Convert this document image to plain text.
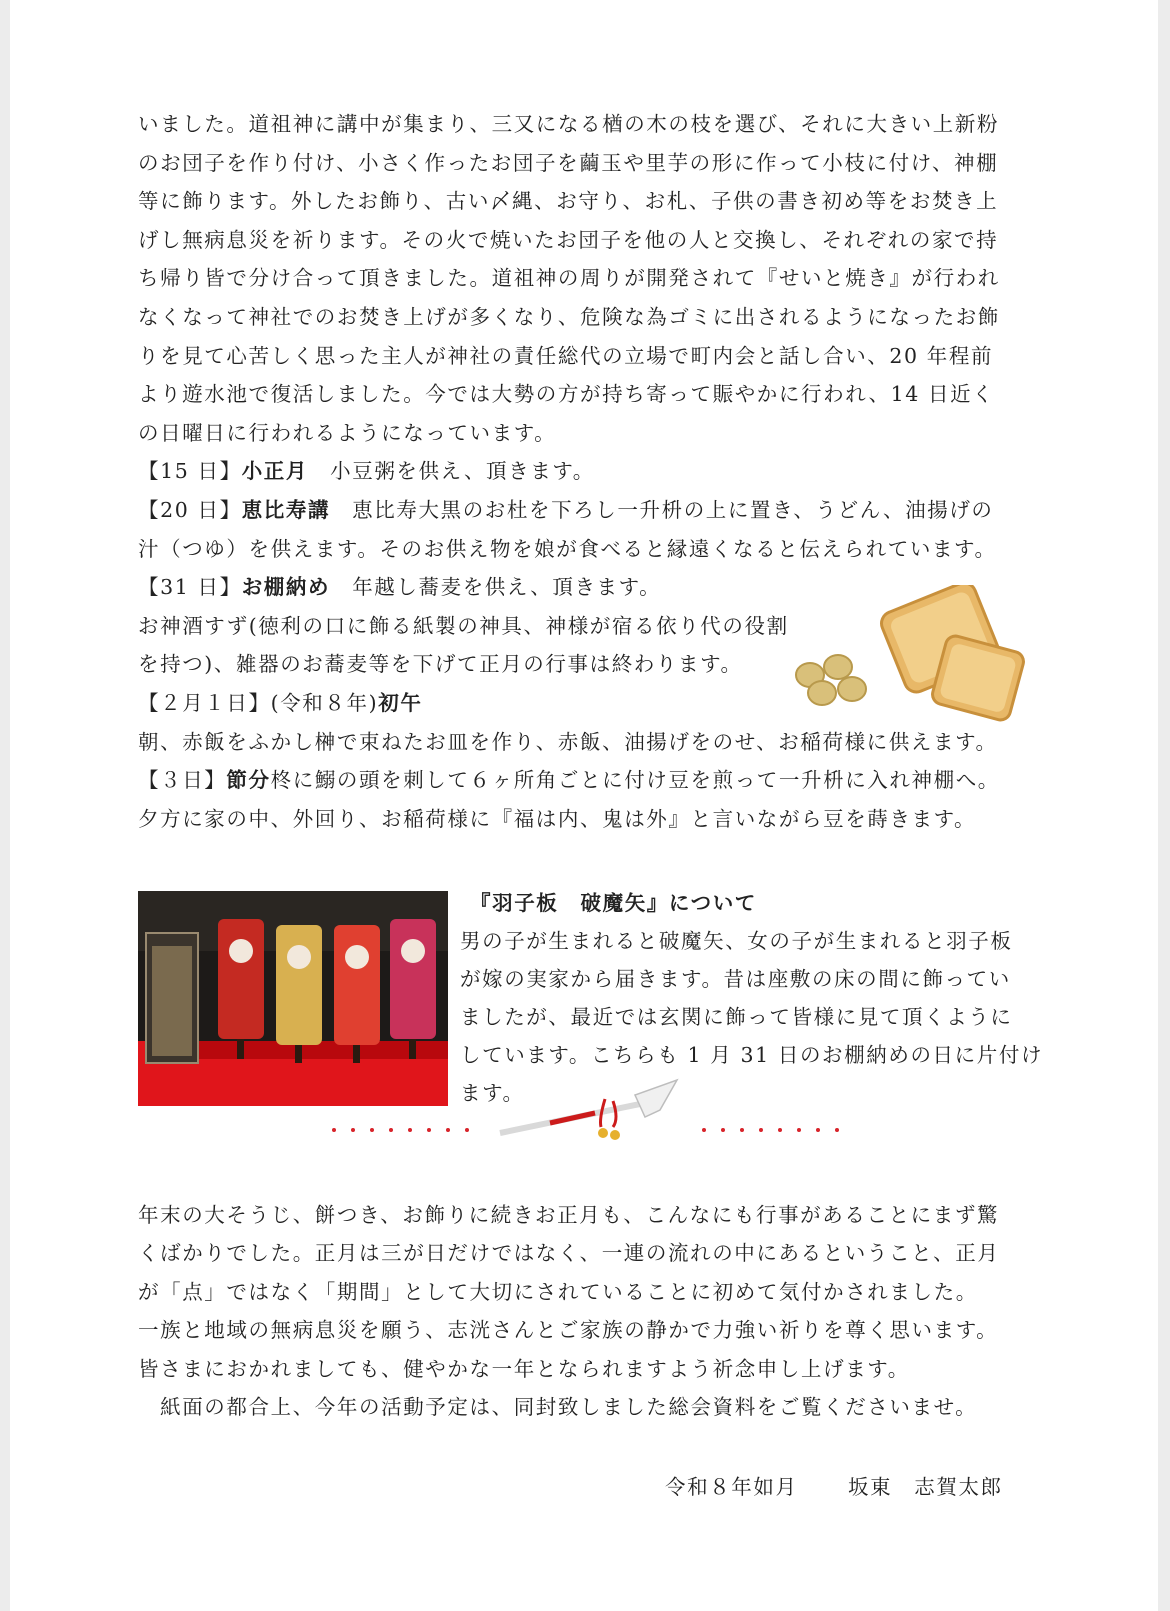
いました。道祖神に講中が集まり、三又になる楢の木の枝を選び、それに大きい上新粉
のお団子を作り付け、小さく作ったお団子を繭玉や里芋の形に作って小枝に付け、神棚
等に飾ります。外したお飾り、古い〆縄、お守り、お札、子供の書き初め等をお焚き上
げし無病息災を祈ります。その火で焼いたお団子を他の人と交換し、それぞれの家で持
ち帰り皆で分け合って頂きました。道祖神の周りが開発されて『せいと焼き』が行われ
なくなって神社でのお焚き上げが多くなり、危険な為ゴミに出されるようになったお飾
りを見て心苦しく思った主人が神社の責任総代の立場で町内会と話し合い、20 年程前
より遊水池で復活しました。今では大勢の方が持ち寄って賑やかに行われ、14 日近く
の日曜日に行われるようになっています。
【15 日】小正月　小豆粥を供え、頂きます。
【20 日】恵比寿講　恵比寿大黒のお杜を下ろし一升枡の上に置き、うどん、油揚げの
汁（つゆ）を供えます。そのお供え物を娘が食べると縁遠くなると伝えられています。
【31 日】お棚納め　年越し蕎麦を供え、頂きます。
お神酒すず(徳利の口に飾る紙製の神具、神様が宿る依り代の役割
を持つ)、雑器のお蕎麦等を下げて正月の行事は終わります。
【２月１日】(令和８年)初午
朝、赤飯をふかし榊で束ねたお皿を作り、赤飯、油揚げをのせ、お稲荷様に供えます。
【３日】節分柊に鰯の頭を刺して６ヶ所角ごとに付け豆を煎って一升枡に入れ神棚へ。
夕方に家の中、外回り、お稲荷様に『福は内、鬼は外』と言いながら豆を蒔きます。
『羽子板　破魔矢』について
男の子が生まれると破魔矢、女の子が生まれると羽子板
が嫁の実家から届きます。昔は座敷の床の間に飾ってい
ましたが、最近では玄関に飾って皆様に見て頂くように
しています。こちらも 1 月 31 日のお棚納めの日に片付け
ます。
年末の大そうじ、餅つき、お飾りに続きお正月も、こんなにも行事があることにまず驚
くばかりでした。正月は三が日だけではなく、一連の流れの中にあるということ、正月
が「点」ではなく「期間」として大切にされていることに初めて気付かされました。
一族と地域の無病息災を願う、志洸さんとご家族の静かで力強い祈りを尊く思います。
皆さまにおかれましても、健やかな一年となられますよう祈念申し上げます。
　紙面の都合上、今年の活動予定は、同封致しました総会資料をご覧くださいませ。
令和８年如月 坂東　志賀太郎
